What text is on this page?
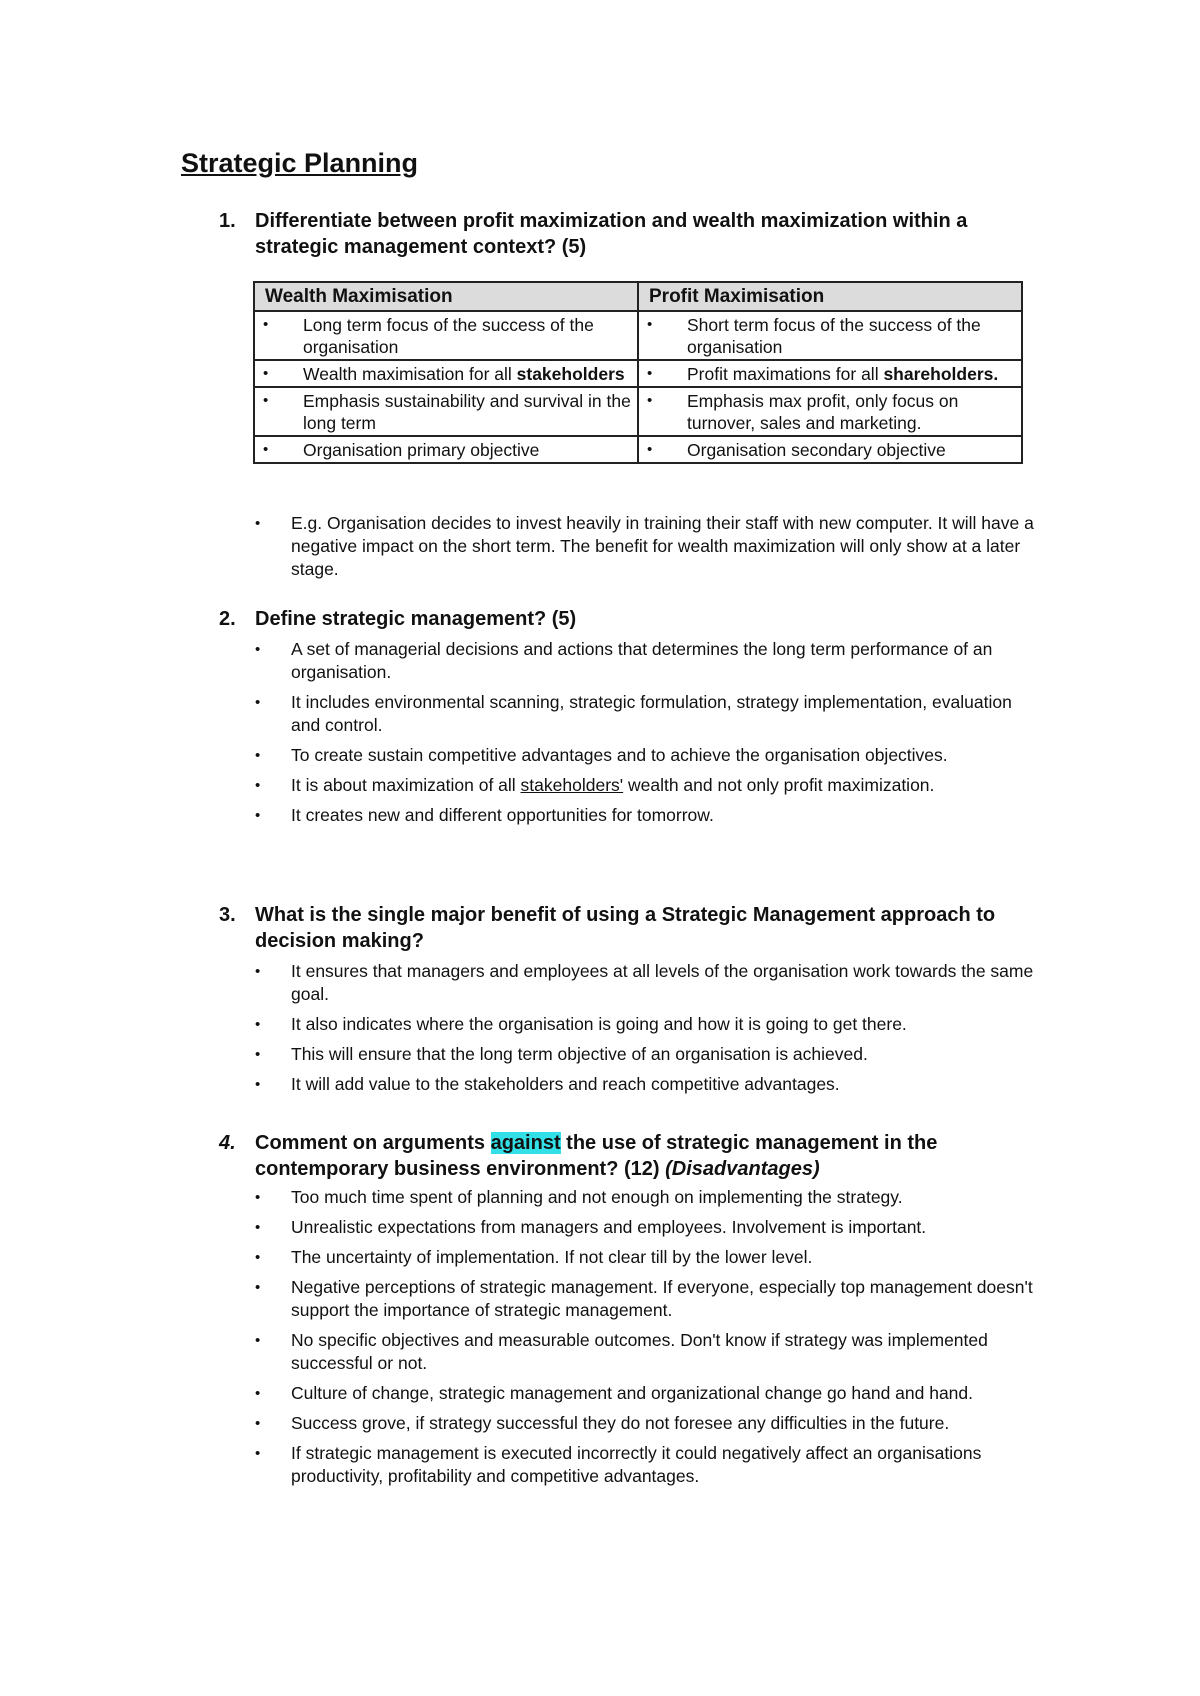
Strategic Planning
1. Differentiate between profit maximization and wealth maximization within a strategic management context? (5)

Wealth Maximisation	Profit Maximisation

• Long term focus of the success of the organisation	• Short term focus of the success of the organisation

• Wealth maximisation for all stakeholders	• Profit maximations for all shareholders.

• Emphasis sustainability and survival in the long term	• Emphasis max profit, only focus on turnover, sales and marketing.

• Organisation primary objective	• Organisation secondary objective
• E.g. Organisation decides to invest heavily in training their staff with new computer. It will have a negative impact on the short term. The benefit for wealth maximization will only show at a later stage.
2. Define strategic management? (5)

• A set of managerial decisions and actions that determines the long term performance of an organisation.
• It includes environmental scanning, strategic formulation, strategy implementation, evaluation and control.
• To create sustain competitive advantages and to achieve the organisation objectives.
• It is about maximization of all stakeholders' wealth and not only profit maximization.
• It creates new and different opportunities for tomorrow.
3. What is the single major benefit of using a Strategic Management approach to decision making?

• It ensures that managers and employees at all levels of the organisation work towards the same goal.
• It also indicates where the organisation is going and how it is going to get there.
• This will ensure that the long term objective of an organisation is achieved.
• It will add value to the stakeholders and reach competitive advantages.
4. Comment on arguments against the use of strategic management in the contemporary business environment? (12) (Disadvantages)

• Too much time spent of planning and not enough on implementing the strategy.
• Unrealistic expectations from managers and employees. Involvement is important.
• The uncertainty of implementation. If not clear till by the lower level.
• Negative perceptions of strategic management. If everyone, especially top management doesn't support the importance of strategic management.
• No specific objectives and measurable outcomes. Don't know if strategy was implemented successful or not.
• Culture of change, strategic management and organizational change go hand and hand.
• Success grove, if strategy successful they do not foresee any difficulties in the future.
• If strategic management is executed incorrectly it could negatively affect an organisations productivity, profitability and competitive advantages.
